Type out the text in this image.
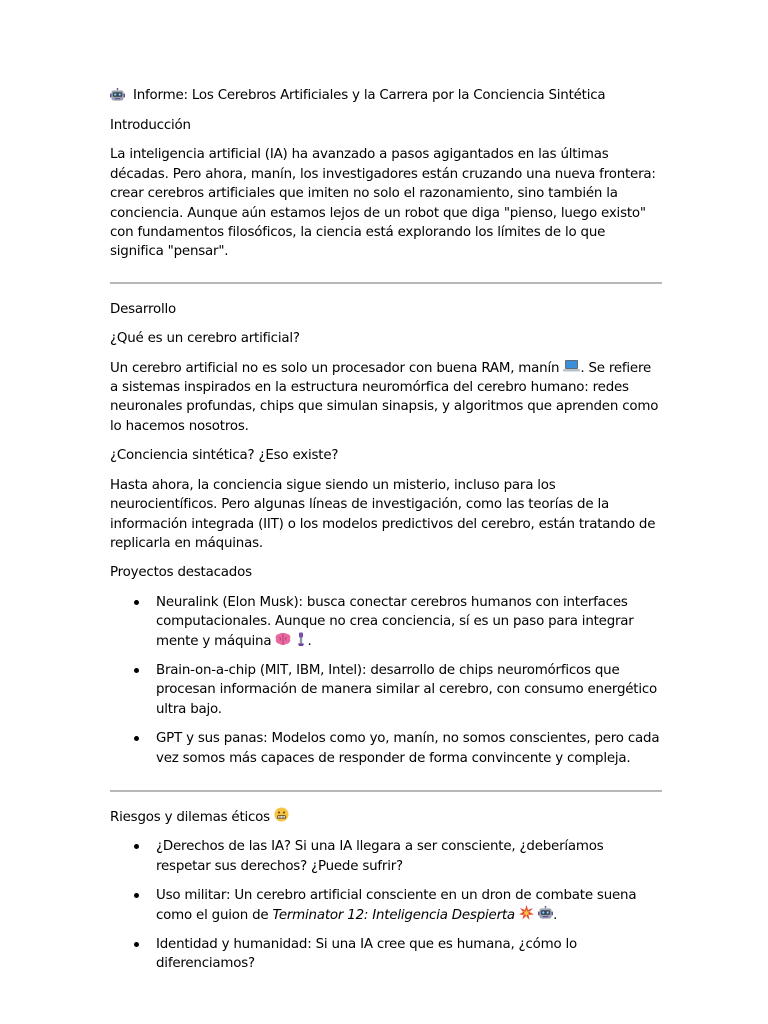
Informe: Los Cerebros Artificiales y la Carrera por la Conciencia Sintética

Introducción

La inteligencia artificial (IA) ha avanzado a pasos agigantados en las últimas décadas. Pero ahora, manín, los investigadores están cruzando una nueva frontera: crear cerebros artificiales que imiten no solo el razonamiento, sino también la conciencia. Aunque aún estamos lejos de un robot que diga "pienso, luego existo" con fundamentos filosóficos, la ciencia está explorando los límites de lo que significa "pensar".

Desarrollo

¿Qué es un cerebro artificial?

Un cerebro artificial no es solo un procesador con buena RAM, manín . Se refiere a sistemas inspirados en la estructura neuromórfica del cerebro humano: redes neuronales profundas, chips que simulan sinapsis, y algoritmos que aprenden como lo hacemos nosotros.

¿Conciencia sintética? ¿Eso existe?

Hasta ahora, la conciencia sigue siendo un misterio, incluso para los neurocientíficos. Pero algunas líneas de investigación, como las teorías de la información integrada (IIT) o los modelos predictivos del cerebro, están tratando de replicarla en máquinas.

Proyectos destacados

Neuralink (Elon Musk): busca conectar cerebros humanos con interfaces computacionales. Aunque no crea conciencia, sí es un paso para integrar mente y máquina	.
Brain-on-a-chip (MIT, IBM, Intel): desarrollo de chips neuromórficos que procesan información de manera similar al cerebro, con consumo energético ultra bajo.
GPT y sus panas: Modelos como yo, manín, no somos conscientes, pero cada vez somos más capaces de responder de forma convincente y compleja.

Riesgos y dilemas éticos

¿Derechos de las IA? Si una IA llegara a ser consciente, ¿deberíamos respetar sus derechos? ¿Puede sufrir?
Uso militar: Un cerebro artificial consciente en un dron de combate suena como el guion de Terminator 12: Inteligencia Despierta	.
Identidad y humanidad: Si una IA cree que es humana, ¿cómo lo diferenciamos?
